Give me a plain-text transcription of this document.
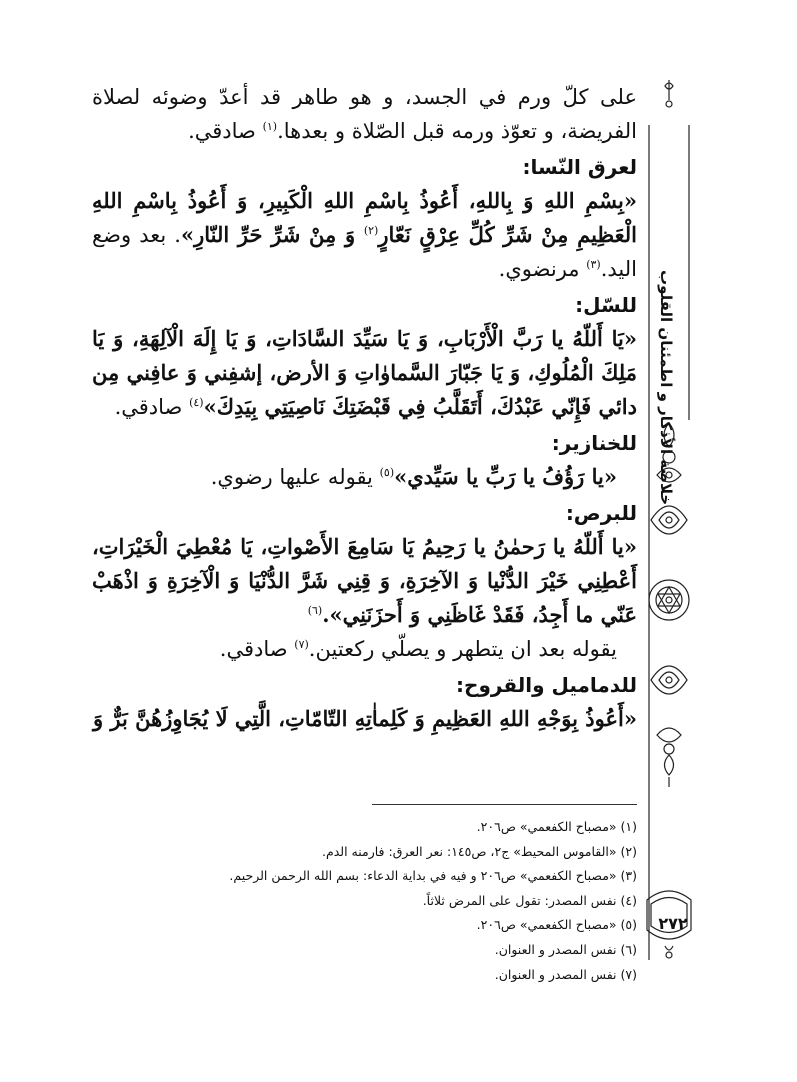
خلاصة الأذكار و اطمئنان القلوب
٢٧٢

على كلّ ورم في الجسد، و هو طاهر قد أعدّ وضوئه لصلاة الفريضة، و تعوّذ ورمه قبل الصّلاة و بعدها.$^{(١)}$ صادقي.

لعرق النّسا:

«بِسْمِ اللهِ وَ بِاللهِ، أَعُوذُ بِاسْمِ اللهِ الْكَبِيرِ، وَ أَعُوذُ بِاسْمِ اللهِ الْعَظِيمِ مِنْ شَرِّ كُلِّ عِرْقٍ نَعّارٍ$^{(٢)}$ وَ مِنْ شَرِّ حَرِّ النّارِ». بعد وضع اليد.$^{(٣)}$ مرنضوي.

للسّل:

«يَا أَللّهُ يا رَبَّ الْأَرْبَابِ، وَ يَا سَيِّدَ السَّادَاتِ، وَ يَا إِلَهَ الْآلِهَةِ، وَ يَا مَلِكَ الْمُلُوكِ، وَ يَا جَبّارَ السَّماوٰاتِ وَ الأرض، إشفِني وَ عافِني مِن دائي فَإِنّي عَبْدُكَ، أَتَقَلَّبُ فِي قَبْضَتِكَ نَاصِيَتِي بِيَدِكَ»$^{(٤)}$ صادقي.

للخنازير:

«يا رَؤُفُ يا رَبِّ يا سَيِّدي»$^{(٥)}$ يقوله عليها رضوي.

للبرص:

«يا أَللّهُ يا رَحمٰنُ يا رَحِيمُ يَا سَامِعَ الأَصْواتِ، يَا مُعْطِيَ الْخَيْرَاتِ، أَعْطِنِي خَيْرَ الدُّنْيا وَ الآخِرَةِ، وَ قِنِي شَرَّ الدُّنْيَا وَ الْآخِرَةِ وَ اذْهَبْ عَنّي ما أَجِدُ، فَقَدْ غَاظَنِي وَ أَحزَنَنِي».$^{(٦)}$

يقوله بعد ان يتطهر و يصلّي ركعتين.$^{(٧)}$ صادقي.

للدماميل والقروح:

«أَعُوذُ بِوَجْهِ اللهِ العَظِيمِ وَ كَلِماٰتِهِ التّامّاتِ، الَّتِي لَا يُجَاوِزُهُنَّ بَرٌّ وَ

(١) «مصباح الكفعمي» ص٢٠٦.
(٢) «القاموس المحيط» ج٢، ص١٤٥: نعر العرق: فارمنه الدم.
(٣) «مصباح الكفعمي» ص٢٠٦ و فيه في بداية الدعاء: بسم الله الرحمن الرحيم.
(٤) نفس المصدر: تقول على المرض ثلاثاً.
(٥) «مصباح الكفعمي» ص٢٠٦.
(٦) نفس المصدر و العنوان.
(٧) نفس المصدر و العنوان.
